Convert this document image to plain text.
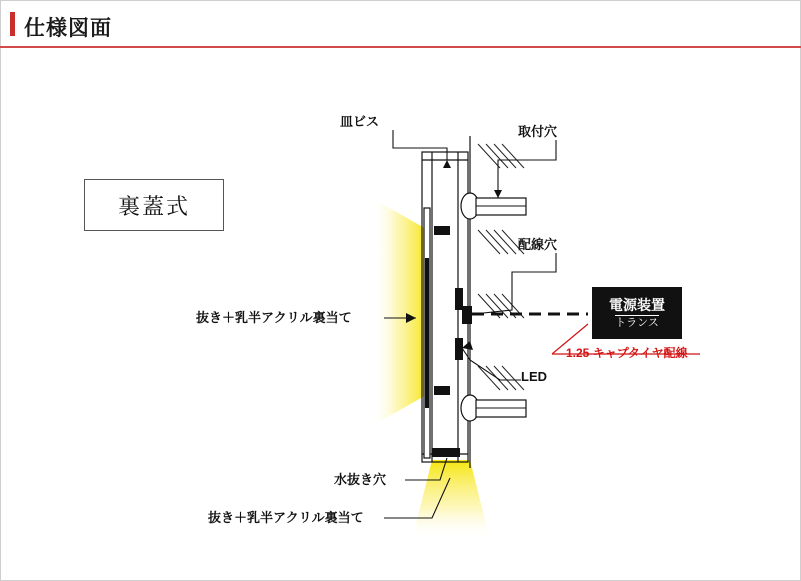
仕様図面
裏蓋式
電源装置
トランス
1.25 キャプタイヤ配線
皿ビス
取付穴
配線穴
LED
抜き＋乳半アクリル裏当て
水抜き穴
抜き＋乳半アクリル裏当て
